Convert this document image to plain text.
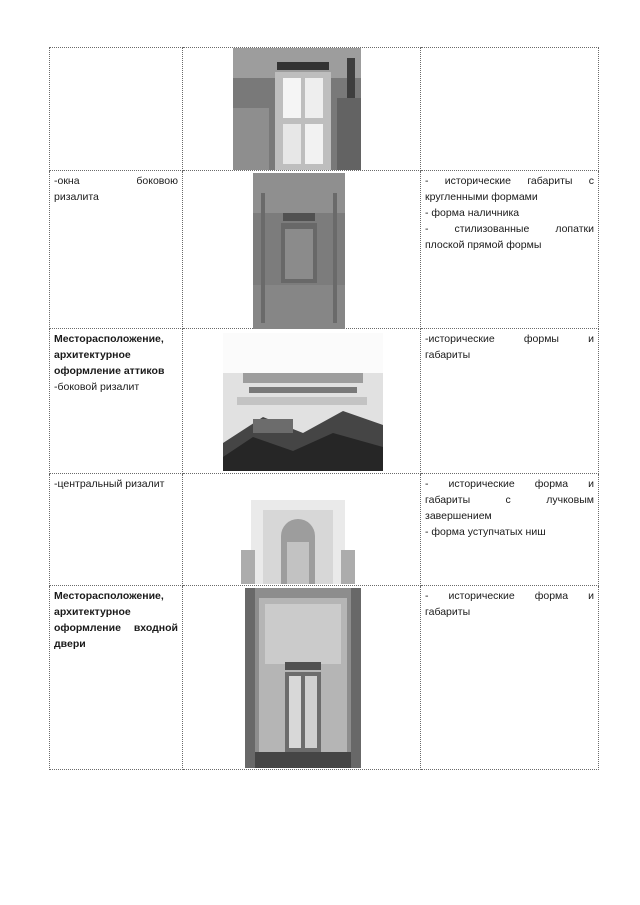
-окна боковою
ризалита		- исторические габариты с
кругленными формами
- форма наличника
- стилизованные лопатки
плоской прямой формы

Месторасположение,
архитектурное
оформление аттиков
-боковой ризалит		-исторические формы и
габариты

-центральный ризалит		- исторические форма и
габариты с лучковым
завершением
- форма уступчатых ниш

Месторасположение,
архитектурное
оформление входной
двери		- исторические форма и
габариты
